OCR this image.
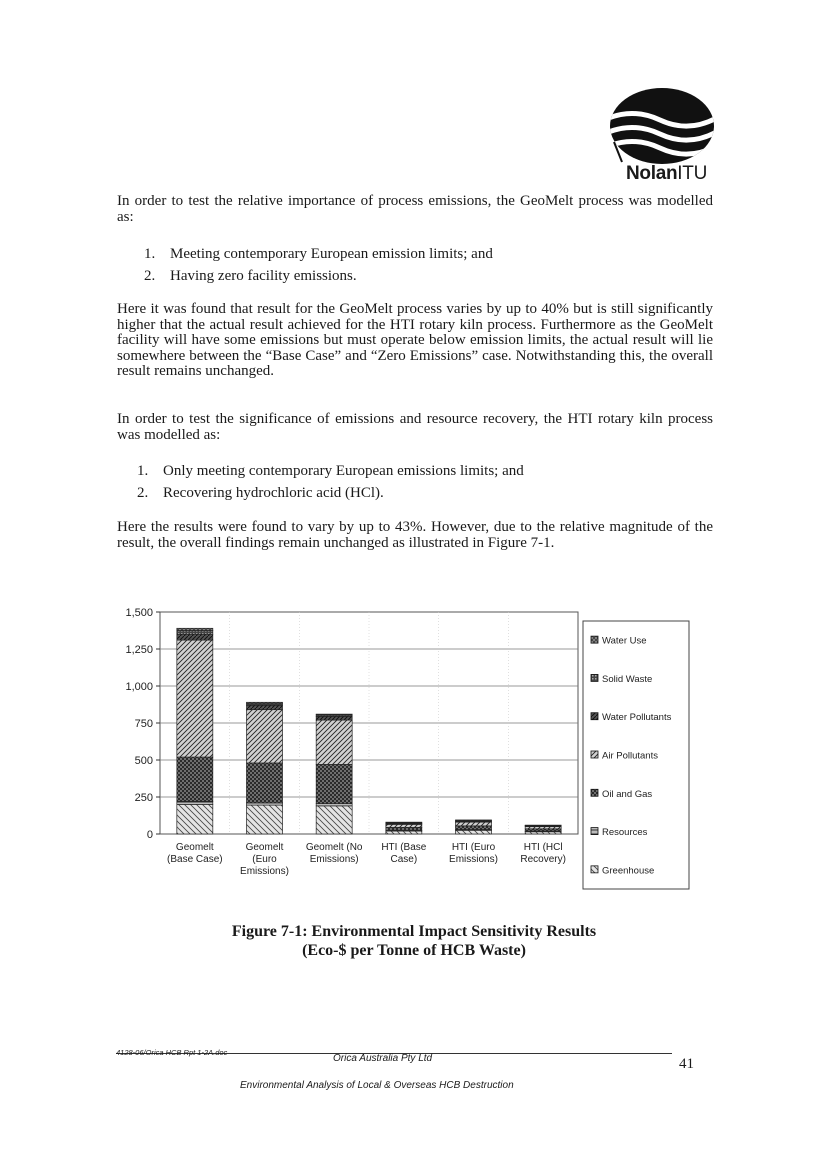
NolanITU
In order to test the relative importance of process emissions, the GeoMelt process was modelled as:
1. Meeting contemporary European emission limits; and
2. Having zero facility emissions.
Here it was found that result for the GeoMelt process varies by up to 40% but is still significantly higher that the actual result achieved for the HTI rotary kiln process. Furthermore as the GeoMelt facility will have some emissions but must operate below emission limits, the actual result will lie somewhere between the “Base Case” and “Zero Emissions” case. Notwithstanding this, the overall result remains unchanged.
In order to test the significance of emissions and resource recovery, the HTI rotary kiln process was modelled as:
1. Only meeting contemporary European emissions limits; and
2. Recovering hydrochloric acid (HCl).
Here the results were found to vary by up to 43%. However, due to the relative magnitude of the result, the overall findings remain unchanged as illustrated in Figure 7-1.
0
250
500
750
1,000
1,250
1,500
Geomelt (Base Case)
Geomelt (Euro Emissions)
Geomelt (No Emissions)
HTI (Base Case)
HTI (Euro Emissions)
HTI (HCl Recovery)
Water Use
Solid Waste
Water Pollutants
Air Pollutants
Oil and Gas
Resources
Greenhouse
Figure 7-1: Environmental Impact Sensitivity Results
(Eco-$ per Tonne of HCB Waste)
4128-06/Orica HCB Rpt 1-2A.doc
Orica Australia Pty Ltd	41
Environmental Analysis of Local & Overseas HCB Destruction
